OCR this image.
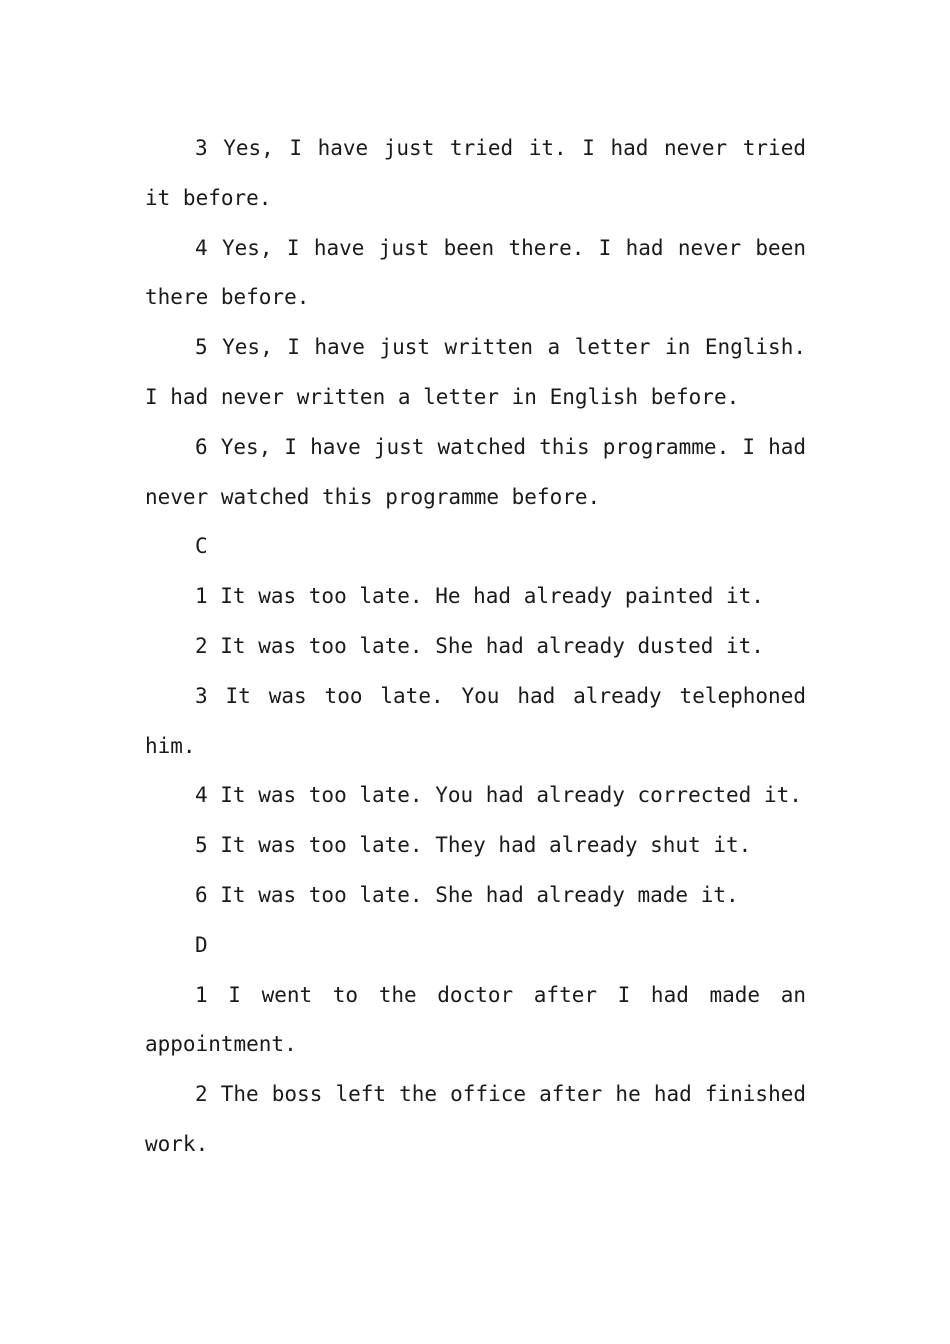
3 Yes, I have just tried it. I had never tried it before.

4 Yes, I have just been there. I had never been there before.

5 Yes, I have just written a letter in English. I had never written a letter in English before.

6 Yes, I have just watched this programme. I had never watched this programme before.

C

1 It was too late. He had already painted it.

2 It was too late. She had already dusted it.

3 It was too late. You had already telephoned him.

4 It was too late. You had already corrected it.

5 It was too late. They had already shut it.

6 It was too late. She had already made it.

D

1 I went to the doctor after I had made an appointment.

2 The boss left the office after he had finished work.
